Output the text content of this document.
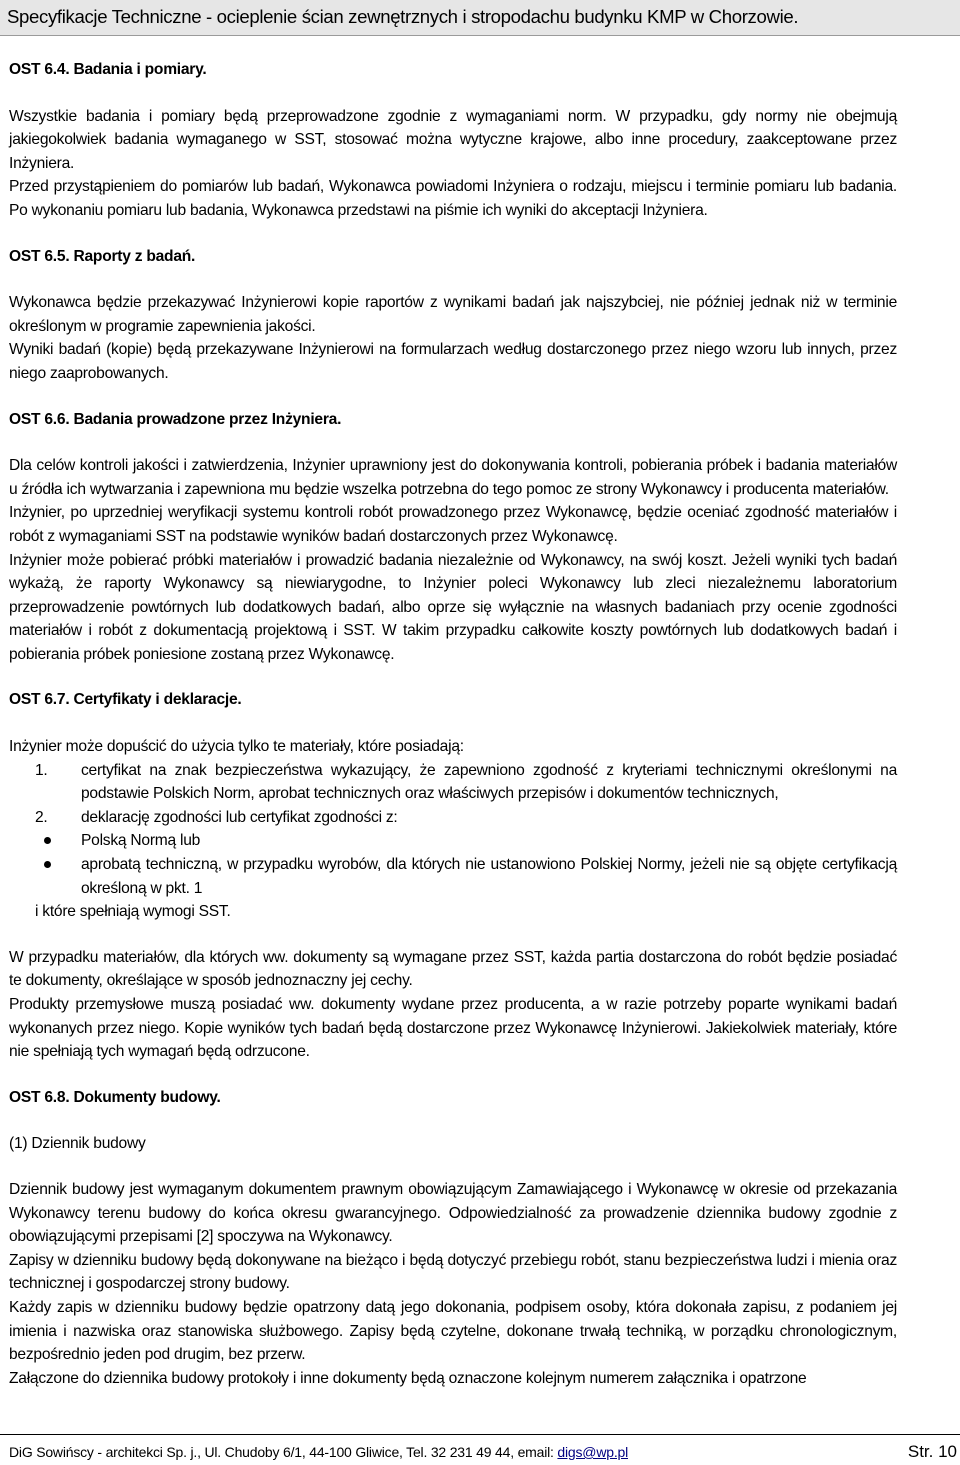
Specyfikacje Techniczne - ocieplenie ścian zewnętrznych i stropodachu budynku KMP w Chorzowie.
OST 6.4. Badania i pomiary.

Wszystkie badania i pomiary będą przeprowadzone zgodnie z wymaganiami norm. W przypadku, gdy normy nie obejmują jakiegokolwiek badania wymaganego w SST, stosować można wytyczne krajowe, albo inne procedury, zaakceptowane przez Inżyniera.

Przed przystąpieniem do pomiarów lub badań, Wykonawca powiadomi Inżyniera o rodzaju, miejscu i terminie pomiaru lub badania. Po wykonaniu pomiaru lub badania, Wykonawca przedstawi na piśmie ich wyniki do akceptacji Inżyniera.

OST 6.5. Raporty z badań.

Wykonawca będzie przekazywać Inżynierowi kopie raportów z wynikami badań jak najszybciej, nie później jednak niż w terminie określonym w programie zapewnienia jakości.

Wyniki badań (kopie) będą przekazywane Inżynierowi na formularzach według dostarczonego przez niego wzoru lub innych, przez niego zaaprobowanych.

OST 6.6. Badania prowadzone przez Inżyniera.

Dla celów kontroli jakości i zatwierdzenia, Inżynier uprawniony jest do dokonywania kontroli, pobierania próbek i badania materiałów u źródła ich wytwarzania i zapewniona mu będzie wszelka potrzebna do tego pomoc ze strony Wykonawcy i producenta materiałów.

Inżynier, po uprzedniej weryfikacji systemu kontroli robót prowadzonego przez Wykonawcę, będzie oceniać zgodność materiałów i robót z wymaganiami SST na podstawie wyników badań dostarczonych przez Wykonawcę.

Inżynier może pobierać próbki materiałów i prowadzić badania niezależnie od Wykonawcy, na swój koszt. Jeżeli wyniki tych badań wykażą, że raporty Wykonawcy są niewiarygodne, to Inżynier poleci Wykonawcy lub zleci niezależnemu laboratorium przeprowadzenie powtórnych lub dodatkowych badań, albo oprze się wyłącznie na własnych badaniach przy ocenie zgodności materiałów i robót z dokumentacją projektową i SST. W takim przypadku całkowite koszty powtórnych lub dodatkowych badań i pobierania próbek poniesione zostaną przez Wykonawcę.

OST 6.7. Certyfikaty i deklaracje.

Inżynier może dopuścić do użycia tylko te materiały, które posiadają:

1.	certyfikat na znak bezpieczeństwa wykazujący, że zapewniono zgodność z kryteriami technicznymi określonymi na podstawie Polskich Norm, aprobat technicznych oraz właściwych przepisów i dokumentów technicznych,
2.	deklarację zgodności lub certyfikat zgodności z:
Polską Normą lub
aprobatą techniczną, w przypadku wyrobów, dla których nie ustanowiono Polskiej Normy, jeżeli nie są objęte certyfikacją określoną w pkt. 1
i które spełniają wymogi SST.

W przypadku materiałów, dla których ww. dokumenty są wymagane przez SST, każda partia dostarczona do robót będzie posiadać te dokumenty, określające w sposób jednoznaczny jej cechy.

Produkty przemysłowe muszą posiadać ww. dokumenty wydane przez producenta, a w razie potrzeby poparte wynikami badań wykonanych przez niego. Kopie wyników tych badań będą dostarczone przez Wykonawcę Inżynierowi. Jakiekolwiek materiały, które nie spełniają tych wymagań będą odrzucone.

OST 6.8. Dokumenty budowy.

(1) Dziennik budowy

Dziennik budowy jest wymaganym dokumentem prawnym obowiązującym Zamawiającego i Wykonawcę w okresie od przekazania Wykonawcy terenu budowy do końca okresu gwarancyjnego. Odpowiedzialność za prowadzenie dziennika budowy zgodnie z obowiązującymi przepisami [2] spoczywa na Wykonawcy.

Zapisy w dzienniku budowy będą dokonywane na bieżąco i będą dotyczyć przebiegu robót, stanu bezpieczeństwa ludzi i mienia oraz technicznej i gospodarczej strony budowy.

Każdy zapis w dzienniku budowy będzie opatrzony datą jego dokonania, podpisem osoby, która dokonała zapisu, z podaniem jej imienia i nazwiska oraz stanowiska służbowego. Zapisy będą czytelne, dokonane trwałą techniką, w porządku chronologicznym, bezpośrednio jeden pod drugim, bez przerw.

Załączone do dziennika budowy protokoły i inne dokumenty będą oznaczone kolejnym numerem załącznika i opatrzone

DiG Sowińscy - architekci Sp. j., Ul. Chudoby 6/1, 44-100 Gliwice, Tel. 32 231 49 44, email: digs@wp.pl	Str. 10
